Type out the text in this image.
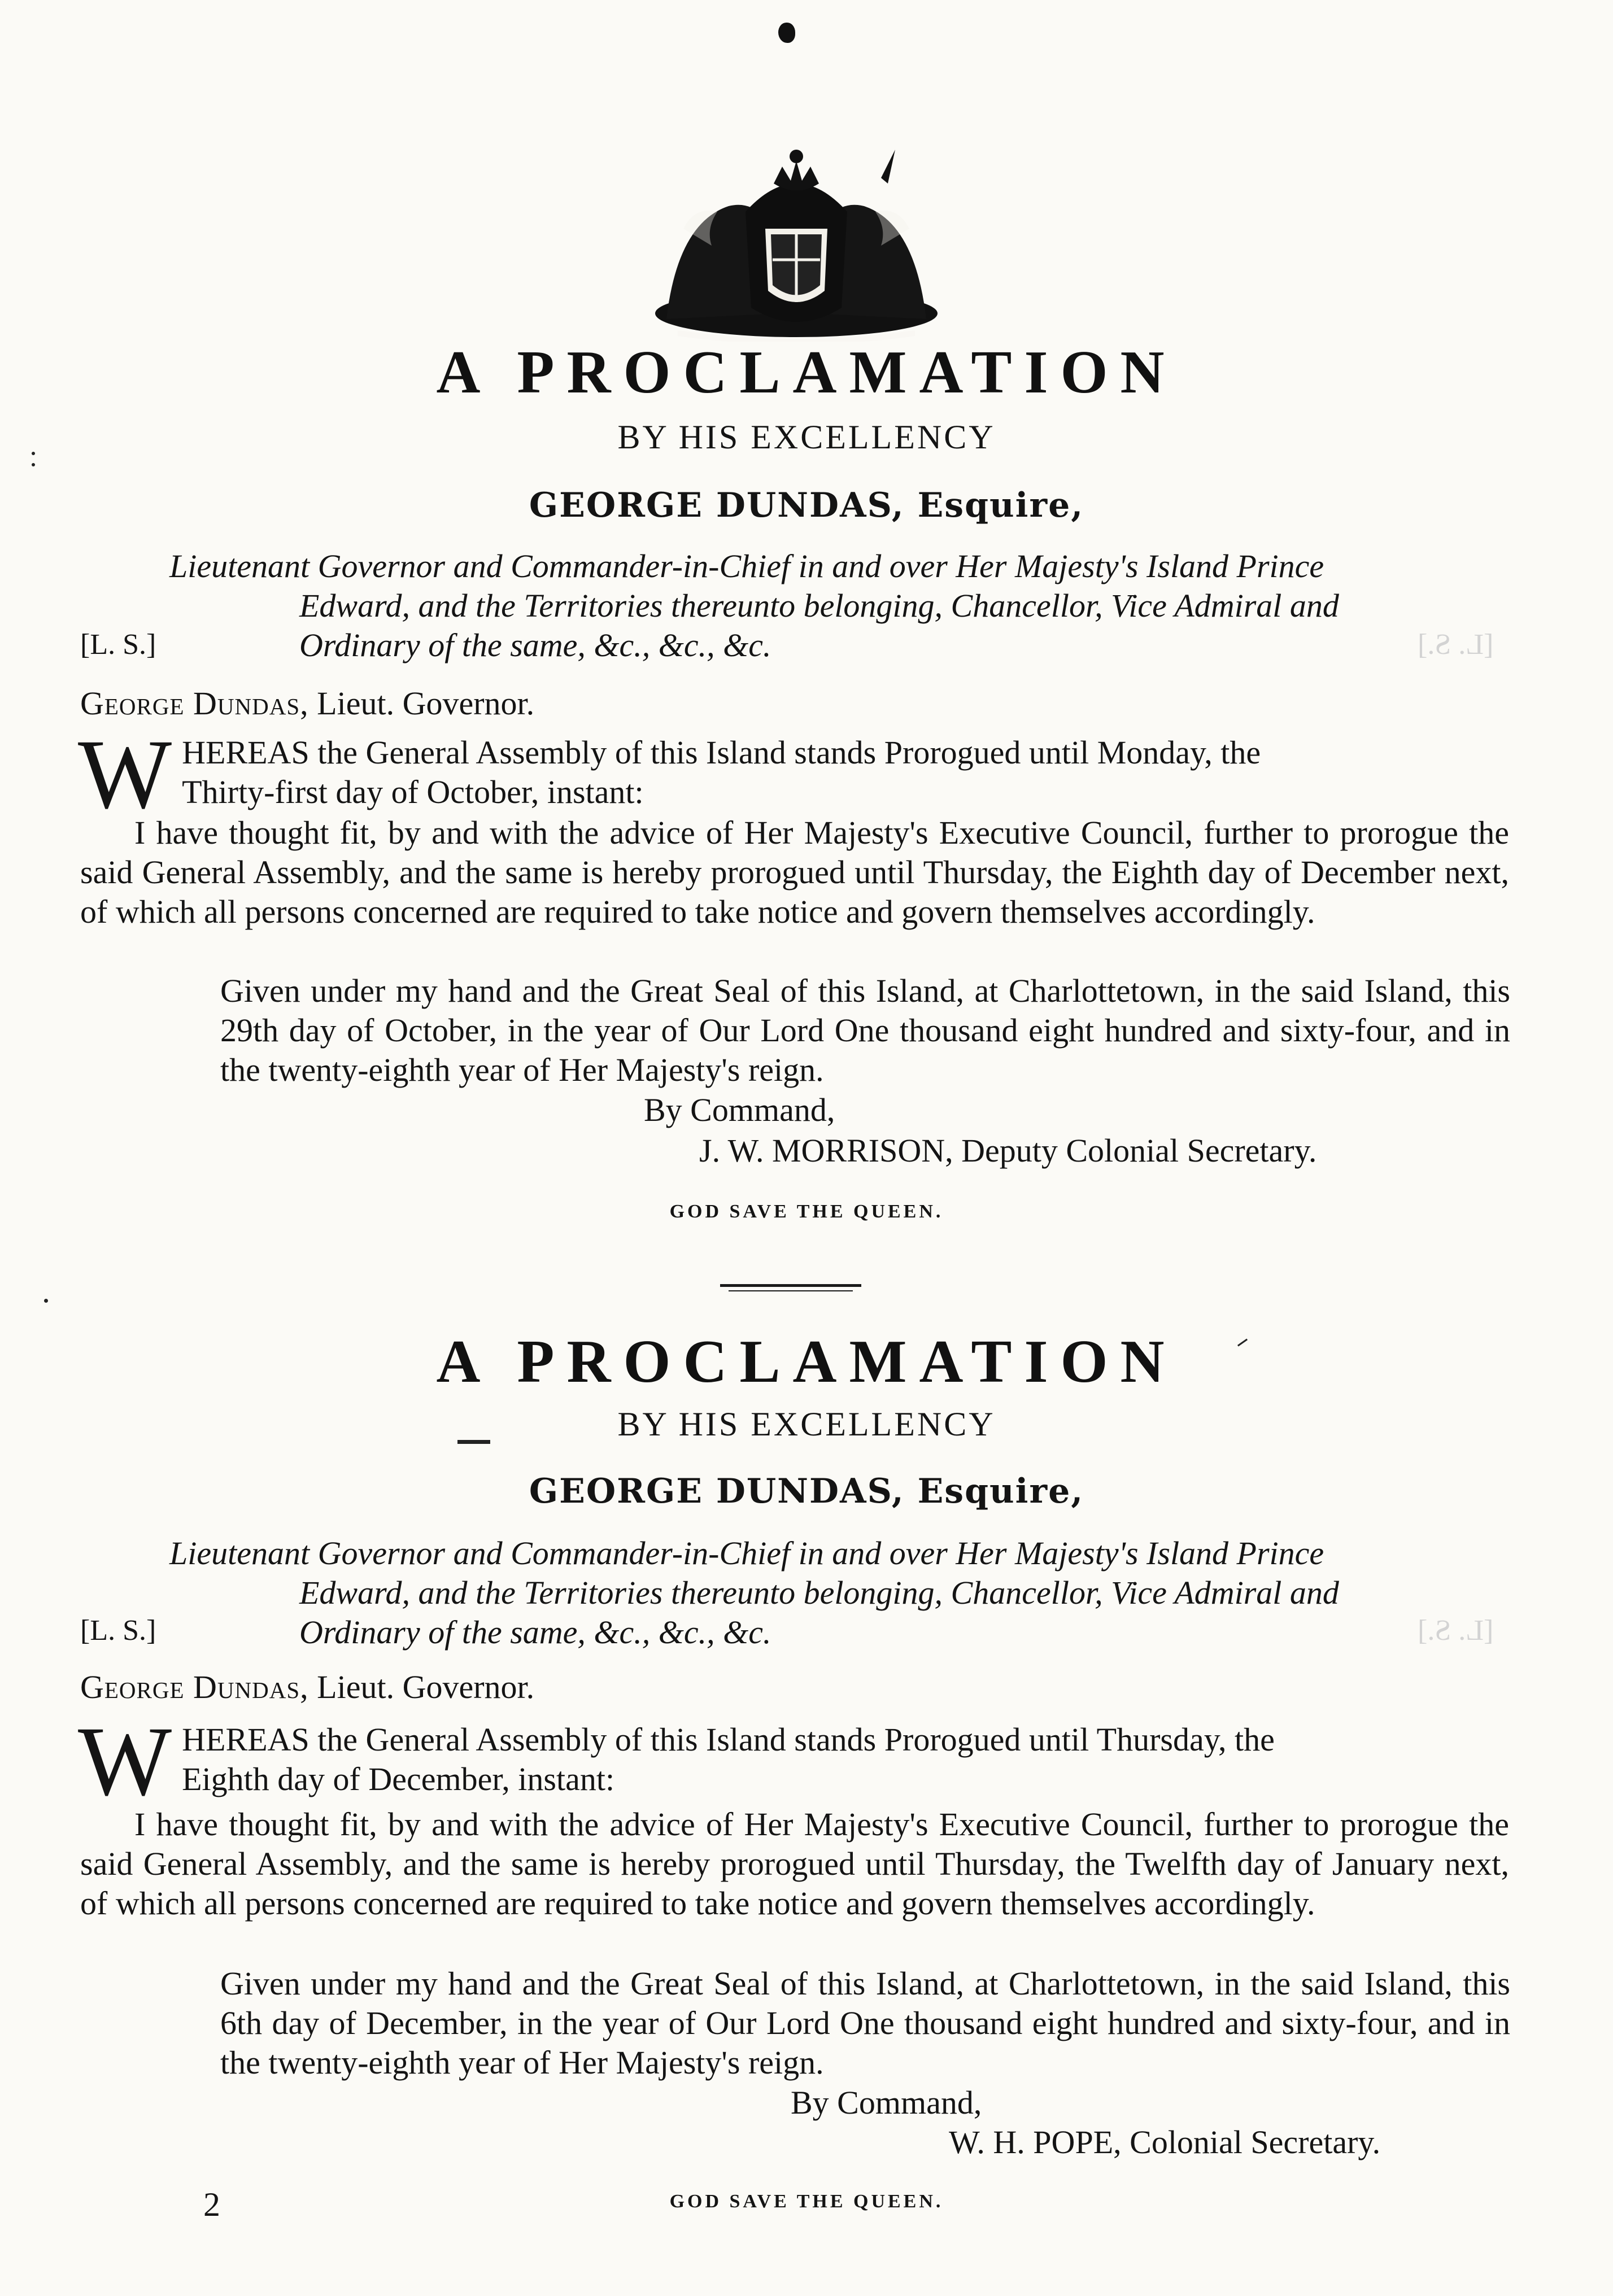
A PROCLAMATION
BY HIS EXCELLENCY
GEORGE DUNDAS, Esquire,
Lieutenant Governor and Commander-in-Chief in and over Her Majesty's Island Prince
Edward, and the Territories thereunto belonging, Chancellor, Vice Admiral and
Ordinary of the same, &c., &c., &c.
[L. S.]	[L. S.]
George Dundas, Lieut. Governor.
W HEREAS the General Assembly of this Island stands Prorogued until Monday, the
Thirty-first day of October, instant:
I have thought fit, by and with the advice of Her Majesty's Executive Council, further to prorogue the said General Assembly, and the same is hereby prorogued until Thursday, the Eighth day of December next, of which all persons concerned are required to take notice and govern themselves accordingly.
Given under my hand and the Great Seal of this Island, at Charlottetown, in the said Island, this 29th day of October, in the year of Our Lord One thousand eight hundred and sixty-four, and in the twenty-eighth year of Her Majesty's reign.
By Command,
J. W. MORRISON, Deputy Colonial Secretary.
GOD SAVE THE QUEEN.
A PROCLAMATION
BY HIS EXCELLENCY
GEORGE DUNDAS, Esquire,
Lieutenant Governor and Commander-in-Chief in and over Her Majesty's Island Prince
Edward, and the Territories thereunto belonging, Chancellor, Vice Admiral and
Ordinary of the same, &c., &c., &c.
[L. S.]	[L. S.]
George Dundas, Lieut. Governor.
W HEREAS the General Assembly of this Island stands Prorogued until Thursday, the
Eighth day of December, instant:
I have thought fit, by and with the advice of Her Majesty's Executive Council, further to prorogue the said General Assembly, and the same is hereby prorogued until Thursday, the Twelfth day of January next, of which all persons concerned are required to take notice and govern themselves accordingly.
Given under my hand and the Great Seal of this Island, at Charlottetown, in the said Island, this 6th day of December, in the year of Our Lord One thousand eight hundred and sixty-four, and in the twenty-eighth year of Her Majesty's reign.
By Command,
W. H. POPE, Colonial Secretary.
GOD SAVE THE QUEEN.
2
